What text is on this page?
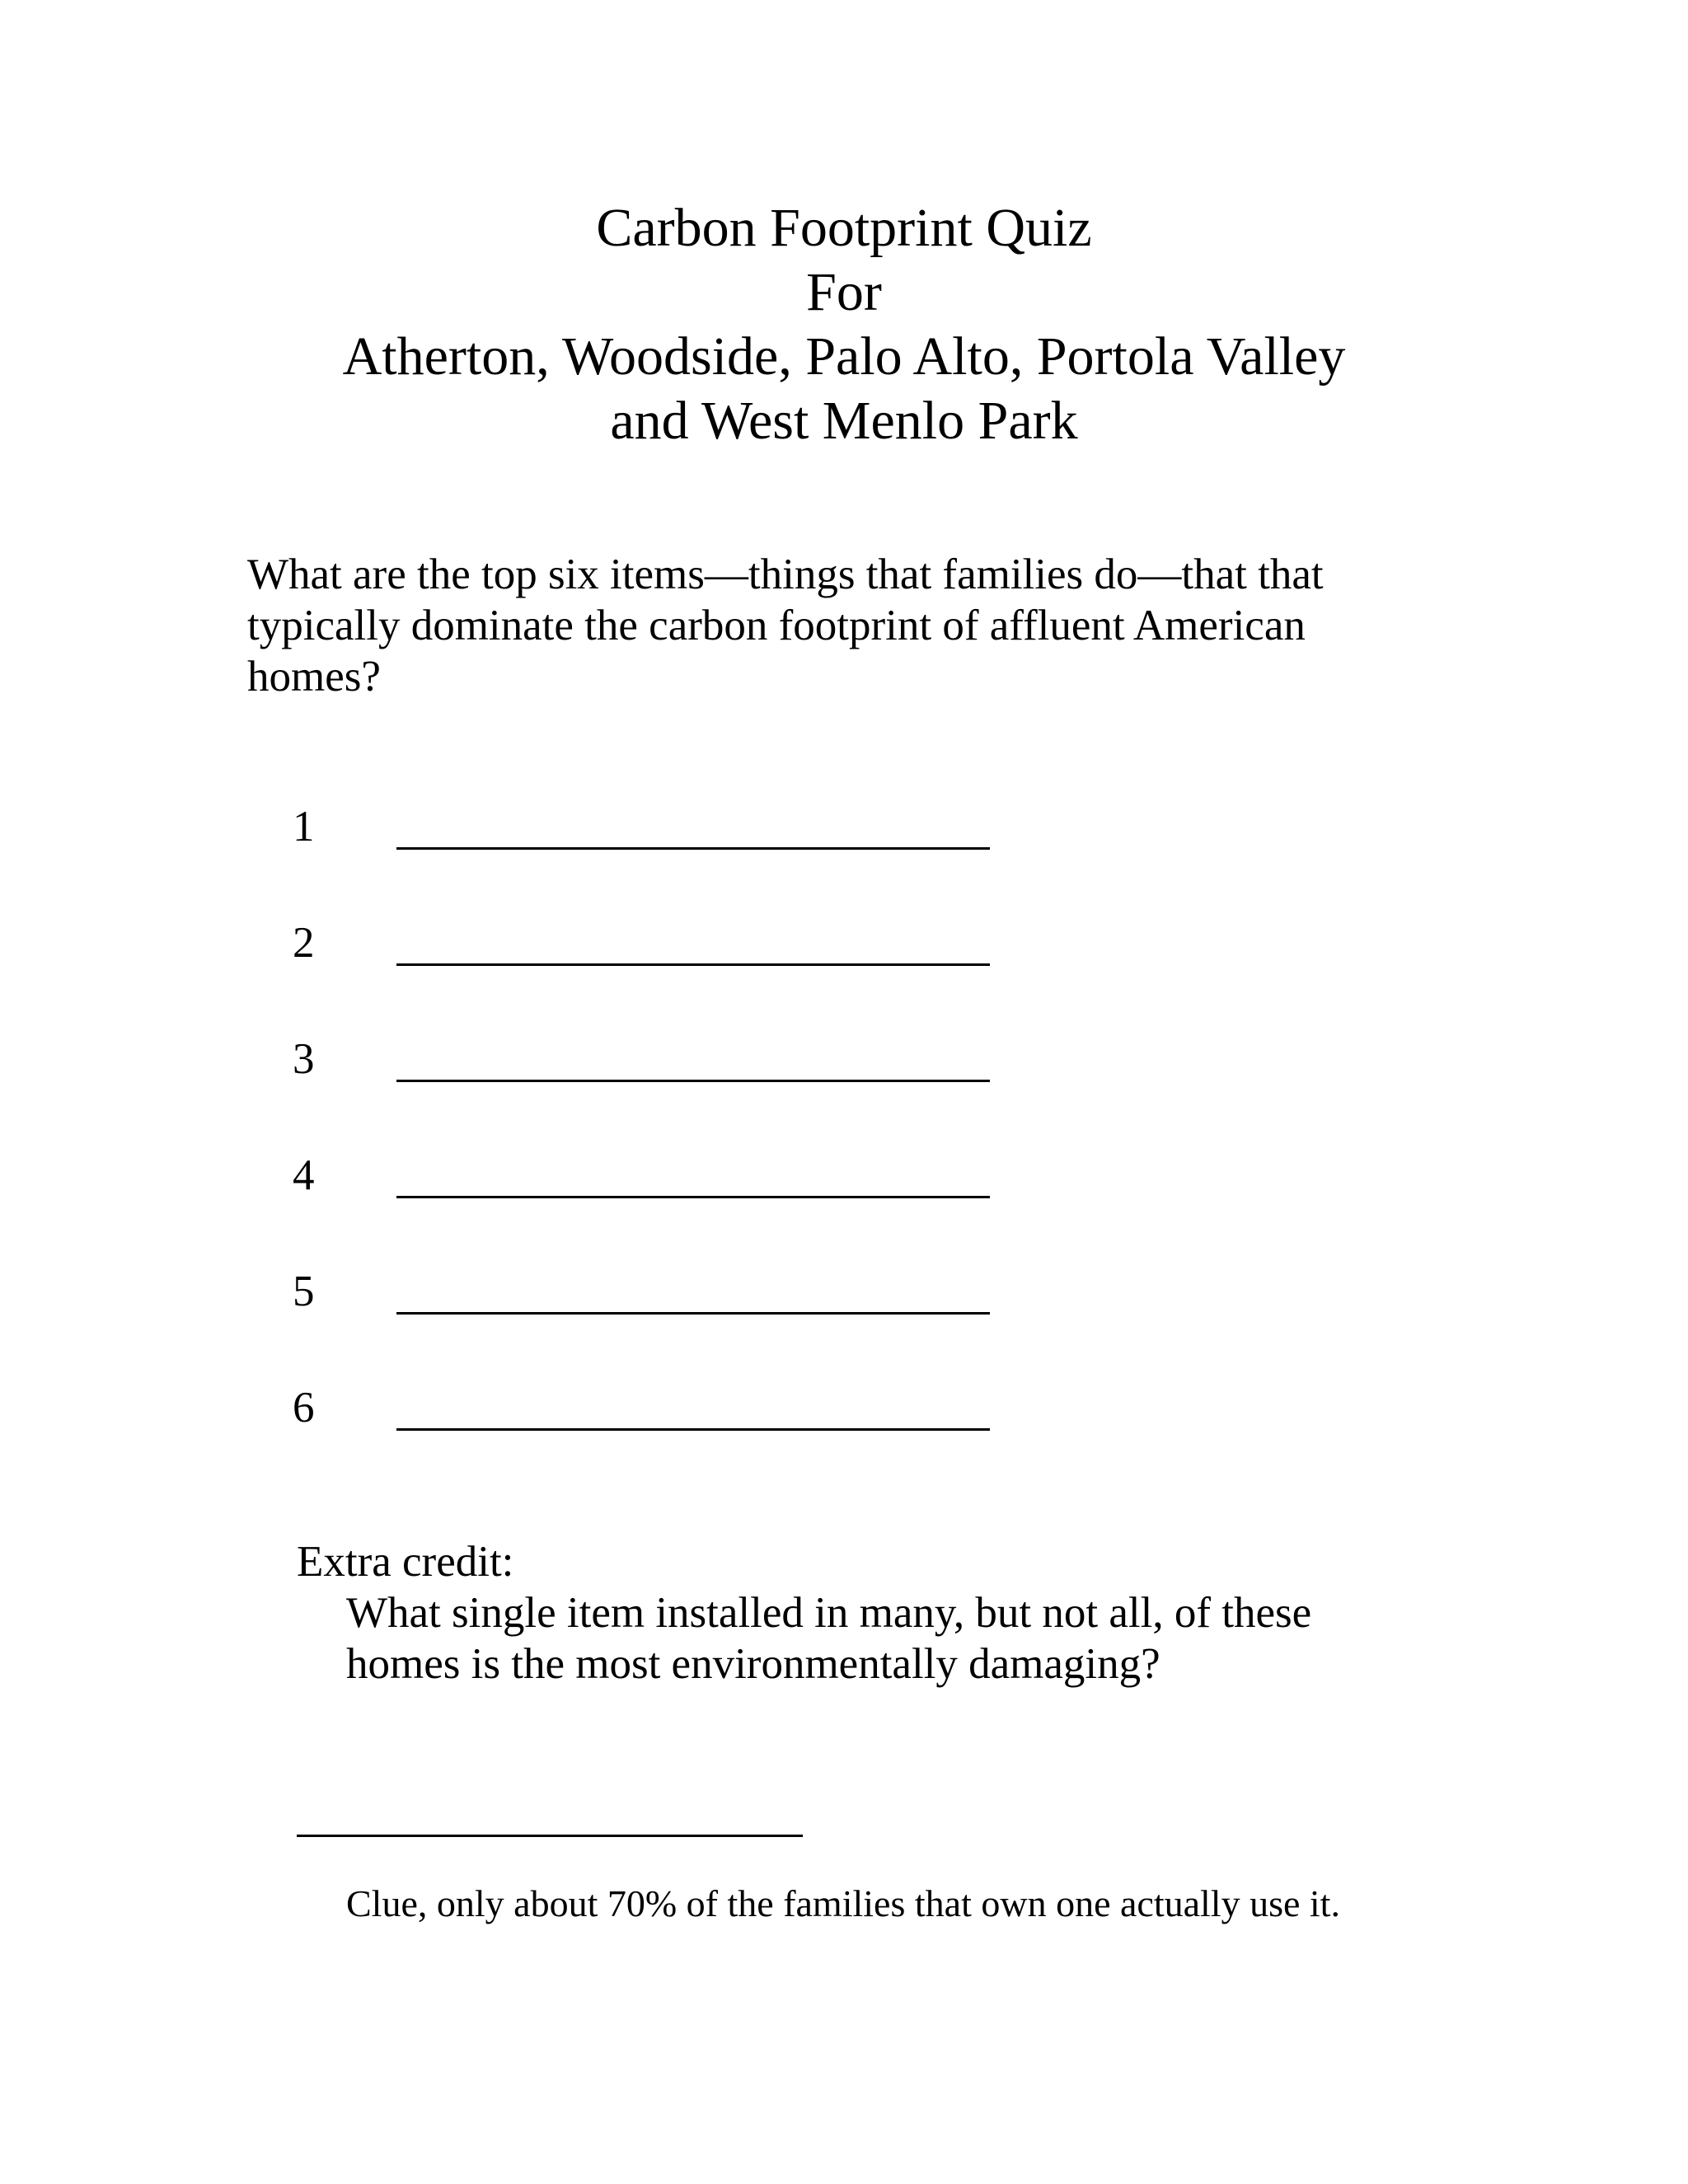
Carbon Footprint Quiz
For
Atherton, Woodside, Palo Alto, Portola Valley
and West Menlo Park
What are the top six items—things that families do—that that typically dominate the carbon footprint of affluent American homes?
1
2
3
4
5
6
Extra credit:
What single item installed in many, but not all, of these homes is the most environmentally damaging?
Clue, only about 70% of the families that own one actually use it.
